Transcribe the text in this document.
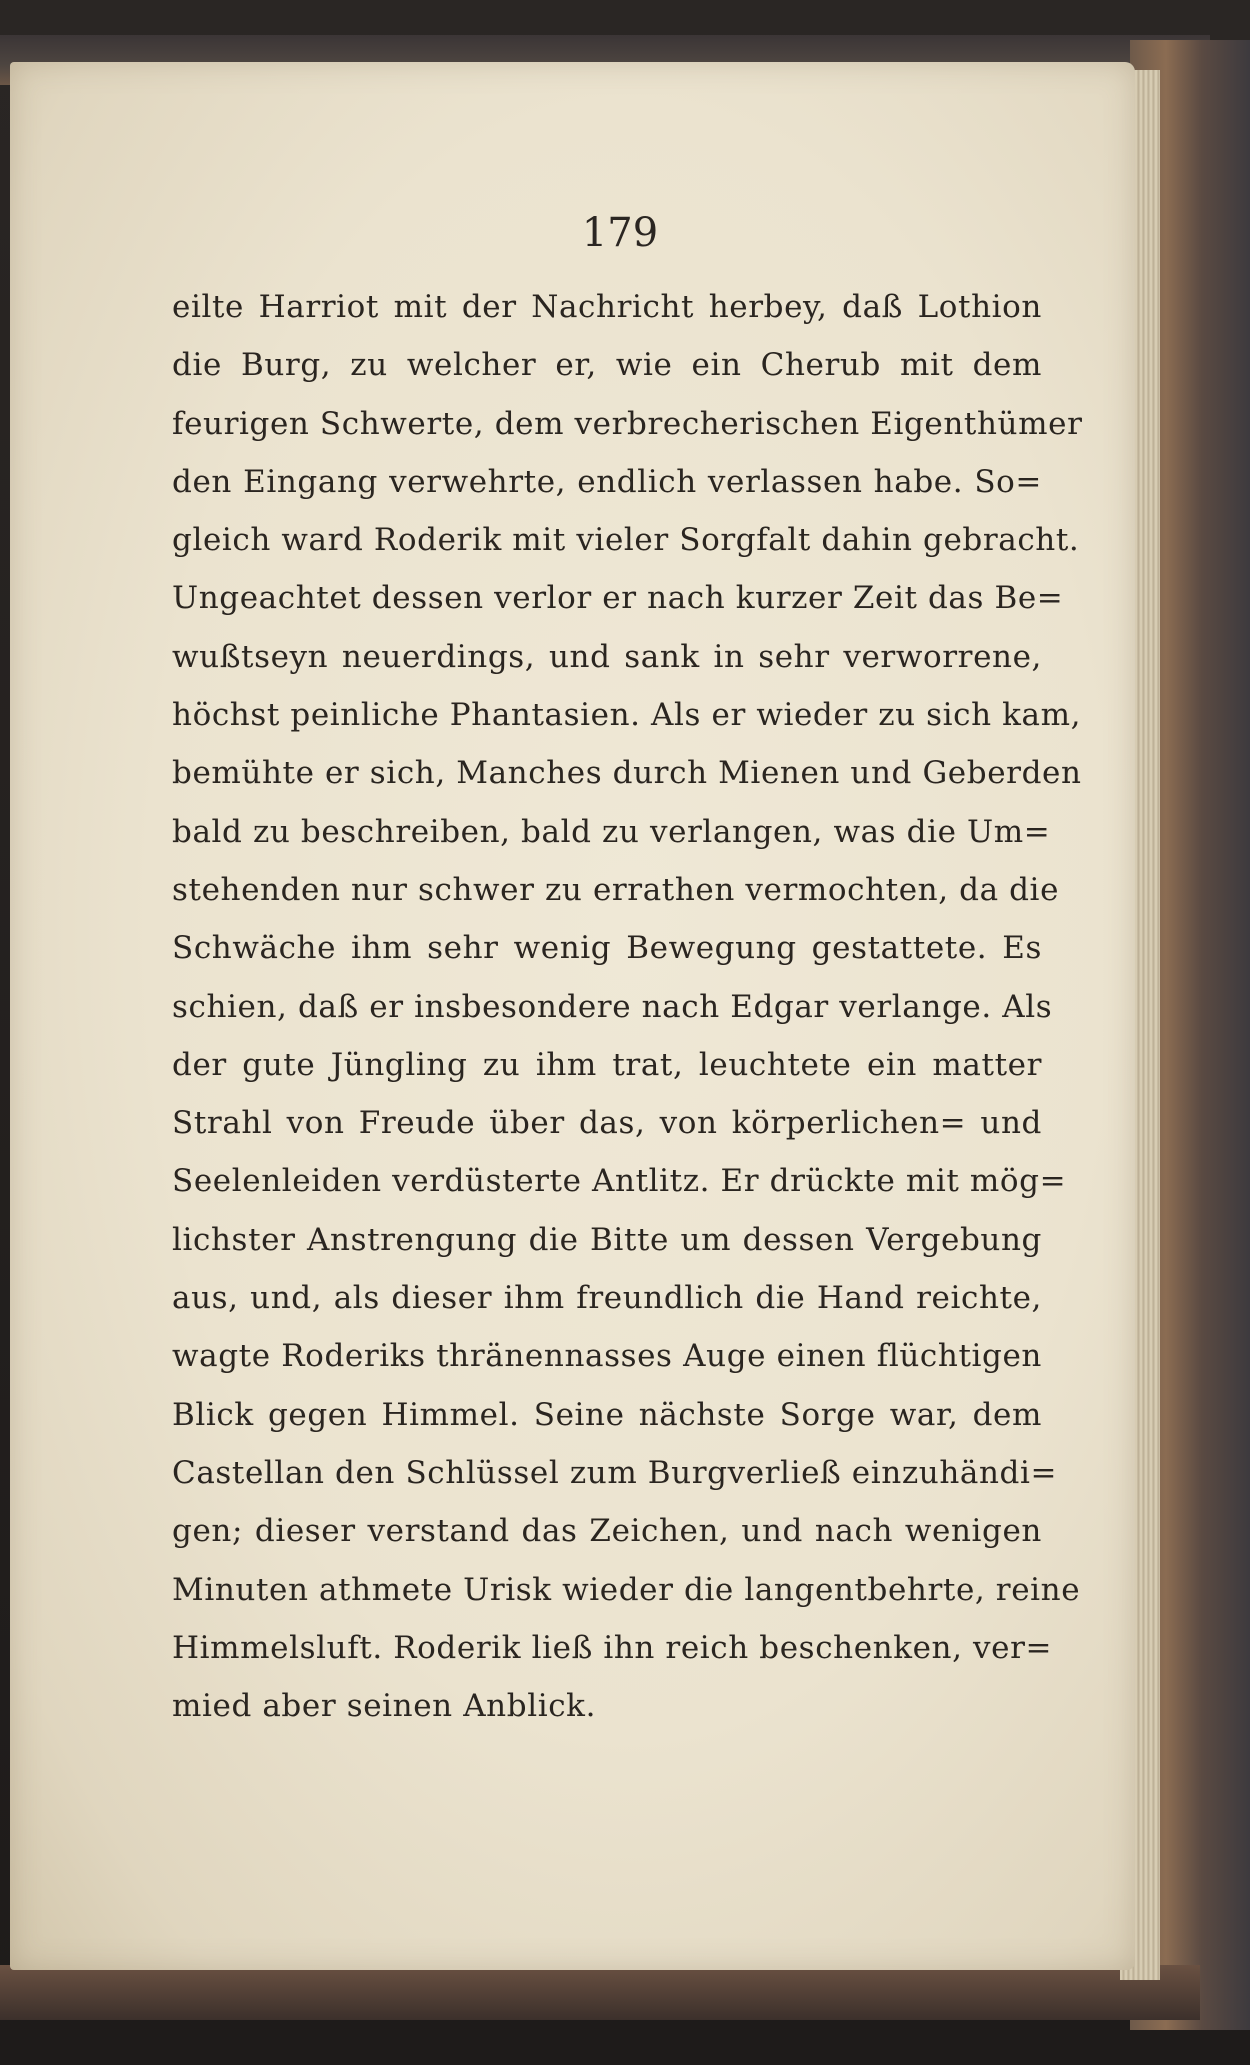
179
eilte Harriot mit der Nachricht herbey, daß Lothion
die Burg, zu welcher er, wie ein Cherub mit dem
feurigen Schwerte, dem verbrecherischen Eigenthümer
den Eingang verwehrte, endlich verlassen habe. So=
gleich ward Roderik mit vieler Sorgfalt dahin gebracht.
Ungeachtet dessen verlor er nach kurzer Zeit das Be=
wußtseyn neuerdings, und sank in sehr verworrene,
höchst peinliche Phantasien. Als er wieder zu sich kam,
bemühte er sich, Manches durch Mienen und Geberden
bald zu beschreiben, bald zu verlangen, was die Um=
stehenden nur schwer zu errathen vermochten, da die
Schwäche ihm sehr wenig Bewegung gestattete. Es
schien, daß er insbesondere nach Edgar verlange. Als
der gute Jüngling zu ihm trat, leuchtete ein matter
Strahl von Freude über das, von körperlichen= und
Seelenleiden verdüsterte Antlitz. Er drückte mit mög=
lichster Anstrengung die Bitte um dessen Vergebung
aus, und, als dieser ihm freundlich die Hand reichte,
wagte Roderiks thränennasses Auge einen flüchtigen
Blick gegen Himmel. Seine nächste Sorge war, dem
Castellan den Schlüssel zum Burgverließ einzuhändi=
gen; dieser verstand das Zeichen, und nach wenigen
Minuten athmete Urisk wieder die langentbehrte, reine
Himmelsluft. Roderik ließ ihn reich beschenken, ver=
mied aber seinen Anblick.
